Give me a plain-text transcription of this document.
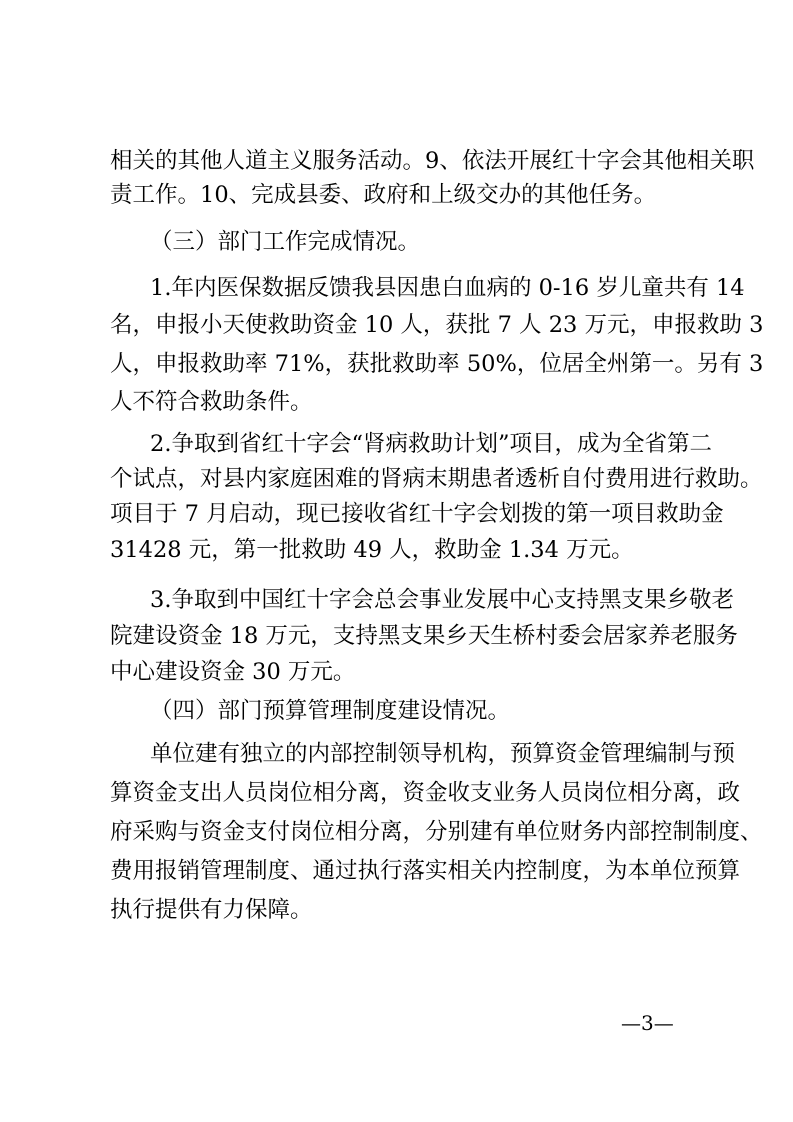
相关的其他人道主义服务活动。9、依法开展红十字会其他相关职
责工作。10、完成县委、政府和上级交办的其他任务。
（三）部门工作完成情况。
1.年内医保数据反馈我县因患白血病的 0-16 岁儿童共有 14
名，申报小天使救助资金 10 人，获批 7 人 23 万元，申报救助 3
人，申报救助率 71%，获批救助率 50%，位居全州第一。另有 3
人不符合救助条件。
2.争取到省红十字会“肾病救助计划”项目，成为全省第二
个试点，对县内家庭困难的肾病末期患者透析自付费用进行救助。
项目于 7 月启动，现已接收省红十字会划拨的第一项目救助金
31428 元，第一批救助 49 人，救助金 1.34 万元。
3.争取到中国红十字会总会事业发展中心支持黑支果乡敬老
院建设资金 18 万元，支持黑支果乡天生桥村委会居家养老服务
中心建设资金 30 万元。
（四）部门预算管理制度建设情况。
单位建有独立的内部控制领导机构，预算资金管理编制与预
算资金支出人员岗位相分离，资金收支业务人员岗位相分离，政
府采购与资金支付岗位相分离，分别建有单位财务内部控制制度、
费用报销管理制度、通过执行落实相关内控制度，为本单位预算
执行提供有力保障。
—3—
